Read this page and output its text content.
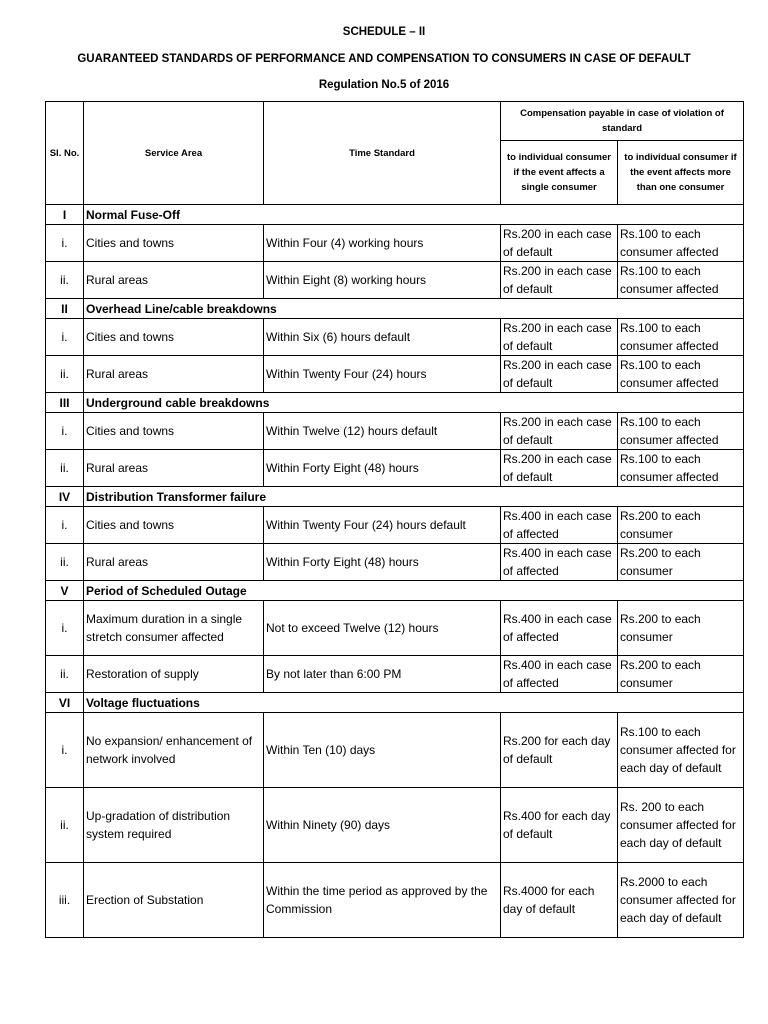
SCHEDULE – II
GUARANTEED STANDARDS OF PERFORMANCE AND COMPENSATION TO CONSUMERS IN CASE OF DEFAULT
Regulation No.5 of 2016
Sl. No.	Service Area	Time Standard	Compensation payable in case of violation of standard	
			to individual consumer if the event affects a single consumer	to individual consumer if the event affects more than one consumer
I	Normal Fuse-Off			
i.	Cities and towns	Within Four (4) working hours	Rs.200 in each case of default	Rs.100 to each consumer affected
ii.	Rural areas	Within Eight (8) working hours	Rs.200 in each case of default	Rs.100 to each consumer affected
II	Overhead Line/cable breakdowns			
i.	Cities and towns	Within Six (6) hours default	Rs.200 in each case of default	Rs.100 to each consumer affected
ii.	Rural areas	Within Twenty Four (24) hours	Rs.200 in each case of default	Rs.100 to each consumer affected
III	Underground cable breakdowns			
i.	Cities and towns	Within Twelve (12) hours default	Rs.200 in each case of default	Rs.100 to each consumer affected
ii.	Rural areas	Within Forty Eight (48) hours	Rs.200 in each case of default	Rs.100 to each consumer affected
IV	Distribution Transformer failure			
i.	Cities and towns	Within Twenty Four (24) hours default	Rs.400 in each case of affected	Rs.200 to each consumer
ii.	Rural areas	Within Forty Eight (48) hours	Rs.400 in each case of affected	Rs.200 to each consumer
V	Period of Scheduled Outage			
i.	Maximum duration in a single stretch consumer affected	Not to exceed Twelve (12) hours	Rs.400 in each case of affected	Rs.200 to each consumer
ii.	Restoration of supply	By not later than 6:00 PM	Rs.400 in each case of affected	Rs.200 to each consumer
VI	Voltage fluctuations			
i.	No expansion/ enhancement of network involved	Within Ten (10) days	Rs.200 for each day of default	Rs.100 to each consumer affected for each day of default
ii.	Up-gradation of distribution system required	Within Ninety (90) days	Rs.400 for each day of default	Rs. 200 to each consumer affected for each day of default
iii.	Erection of Substation	Within the time period as approved by the Commission	Rs.4000 for each day of default	Rs.2000 to each consumer affected for each day of default
